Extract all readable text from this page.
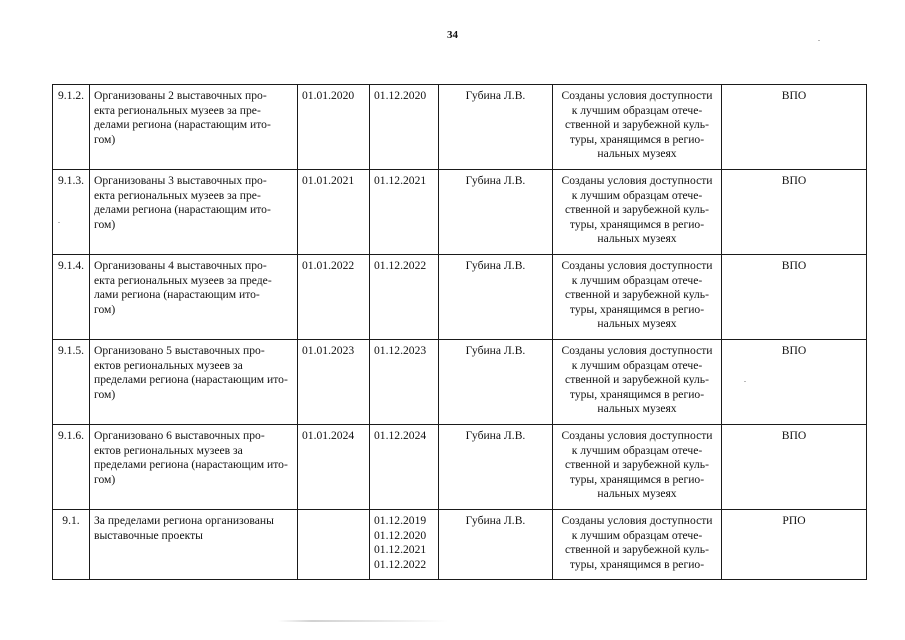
34
9.1.2.	Организованы 2 выставочных про-
екта региональных музеев за пре-
делами региона (нарастающим ито-
гом)	01.01.2020	01.12.2020	Губина Л.В.	Созданы условия доступности
к лучшим образцам отече-
ственной и зарубежной куль-
туры, хранящимся в регио-
нальных музеях	ВПО
9.1.3.	Организованы 3 выставочных про-
екта региональных музеев за пре-
делами региона (нарастающим ито-
гом)	01.01.2021	01.12.2021	Губина Л.В.	Созданы условия доступности
к лучшим образцам отече-
ственной и зарубежной куль-
туры, хранящимся в регио-
нальных музеях	ВПО
9.1.4.	Организованы 4 выставочных про-
екта региональных музеев за преде-
лами региона (нарастающим ито-
гом)	01.01.2022	01.12.2022	Губина Л.В.	Созданы условия доступности
к лучшим образцам отече-
ственной и зарубежной куль-
туры, хранящимся в регио-
нальных музеях	ВПО
9.1.5.	Организовано 5 выставочных про-
ектов региональных музеев за
пределами региона (нарастающим ито-
гом)	01.01.2023	01.12.2023	Губина Л.В.	Созданы условия доступности
к лучшим образцам отече-
ственной и зарубежной куль-
туры, хранящимся в регио-
нальных музеях	ВПО
9.1.6.	Организовано 6 выставочных про-
ектов региональных музеев за
пределами региона (нарастающим ито-
гом)	01.01.2024	01.12.2024	Губина Л.В.	Созданы условия доступности
к лучшим образцам отече-
ственной и зарубежной куль-
туры, хранящимся в регио-
нальных музеях	ВПО
9.1.	За пределами региона организованы
выставочные проекты		01.12.2019
01.12.2020
01.12.2021
01.12.2022	Губина Л.В.	Созданы условия доступности
к лучшим образцам отече-
ственной и зарубежной куль-
туры, хранящимся в регио-	РПО
